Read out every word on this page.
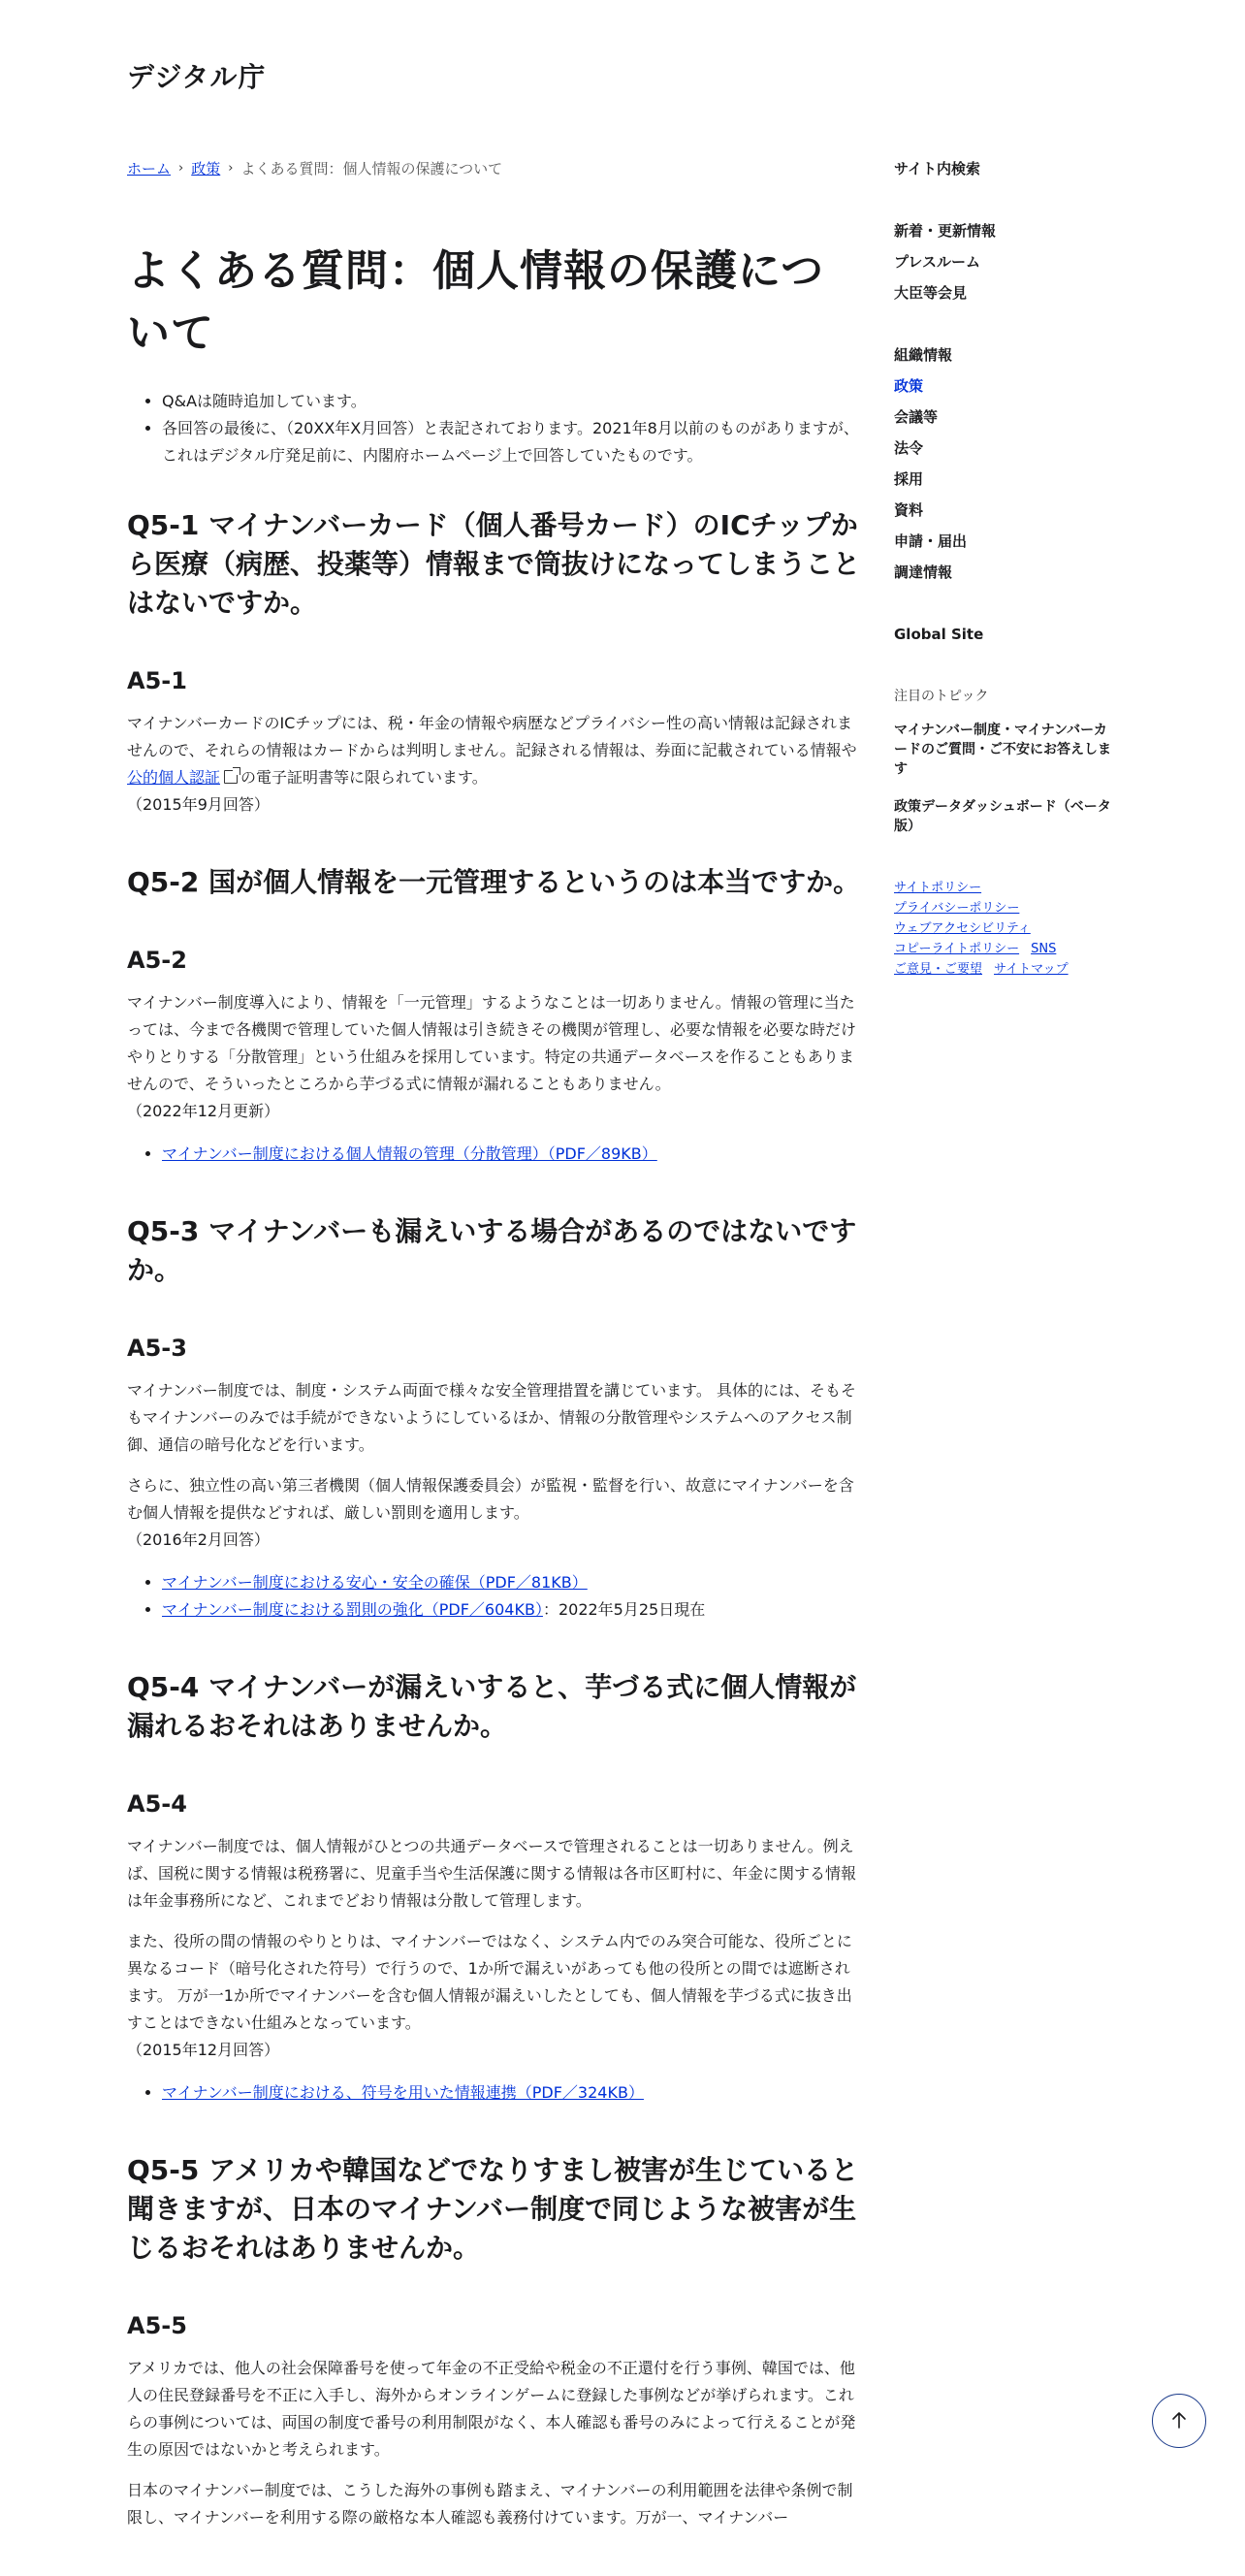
デジタル庁
ホーム › 政策 › よくある質問：個人情報の保護について
よくある質問：個人情報の保護について
• Q&Aは随時追加しています。
• 各回答の最後に、（20XX年X月回答）と表記されております。2021年8月以前のものがありますが、これはデジタル庁発足前に、内閣府ホームページ上で回答していたものです。
Q5-1 マイナンバーカード（個人番号カード）のICチップから医療（病歴、投薬等）情報まで筒抜けになってしまうことはないですか。
A5-1

マイナンバーカードのICチップには、税・年金の情報や病歴などプライバシー性の高い情報は記録されませんので、それらの情報はカードからは判明しません。記録される情報は、券面に記載されている情報や 公的個人認証 の電子証明書等に限られています。

（2015年9月回答）

Q5-2 国が個人情報を一元管理するというのは本当ですか。
A5-2

マイナンバー制度導入により、情報を「一元管理」するようなことは一切ありません。情報の管理に当たっては、今まで各機関で管理していた個人情報は引き続きその機関が管理し、必要な情報を必要な時だけやりとりする「分散管理」という仕組みを採用しています。特定の共通データベースを作ることもありませんので、そういったところから芋づる式に情報が漏れることもありません。

（2022年12月更新）

• マイナンバー制度における個人情報の管理（分散管理）（PDF／89KB）
Q5-3 マイナンバーも漏えいする場合があるのではないですか。
A5-3

マイナンバー制度では、制度・システム両面で様々な安全管理措置を講じています。 具体的には、そもそもマイナンバーのみでは手続ができないようにしているほか、情報の分散管理やシステムへのアクセス制御、通信の暗号化などを行います。

さらに、独立性の高い第三者機関（個人情報保護委員会）が監視・監督を行い、故意にマイナンバーを含む個人情報を提供などすれば、厳しい罰則を適用します。

（2016年2月回答）

• マイナンバー制度における安心・安全の確保（PDF／81KB）
• マイナンバー制度における罰則の強化（PDF／604KB）：2022年5月25日現在
Q5-4 マイナンバーが漏えいすると、芋づる式に個人情報が漏れるおそれはありませんか。
A5-4

マイナンバー制度では、個人情報がひとつの共通データベースで管理されることは一切ありません。例えば、国税に関する情報は税務署に、児童手当や生活保護に関する情報は各市区町村に、年金に関する情報は年金事務所になど、これまでどおり情報は分散して管理します。

また、役所の間の情報のやりとりは、マイナンバーではなく、システム内でのみ突合可能な、役所ごとに異なるコード（暗号化された符号）で行うので、1か所で漏えいがあっても他の役所との間では遮断されます。 万が一1か所でマイナンバーを含む個人情報が漏えいしたとしても、個人情報を芋づる式に抜き出すことはできない仕組みとなっています。

（2015年12月回答）

• マイナンバー制度における、符号を用いた情報連携（PDF／324KB）
Q5-5 アメリカや韓国などでなりすまし被害が生じていると聞きますが、日本のマイナンバー制度で同じような被害が生じるおそれはありませんか。
A5-5

アメリカでは、他人の社会保障番号を使って年金の不正受給や税金の不正還付を行う事例、韓国では、他人の住民登録番号を不正に入手し、海外からオンラインゲームに登録した事例などが挙げられます。これらの事例については、両国の制度で番号の利用制限がなく、本人確認も番号のみによって行えることが発生の原因ではないかと考えられます。

日本のマイナンバー制度では、こうした海外の事例も踏まえ、マイナンバーの利用範囲を法律や条例で制限し、マイナンバーを利用する際の厳格な本人確認も義務付けています。万が一、マイナンバー

サイト内検索
新着・更新情報
プレスルーム
大臣等会見
組織情報
政策
会議等
法令
採用
資料
申請・届出
調達情報
Global Site
注目のトピック
マイナンバー制度・マイナンバーカードのご質問・ご不安にお答えします
政策データダッシュボード（ベータ版）
サイトポリシー
プライバシーポリシー
ウェブアクセシビリティ
コピーライトポリシー SNS
ご意見・ご要望 サイトマップ
